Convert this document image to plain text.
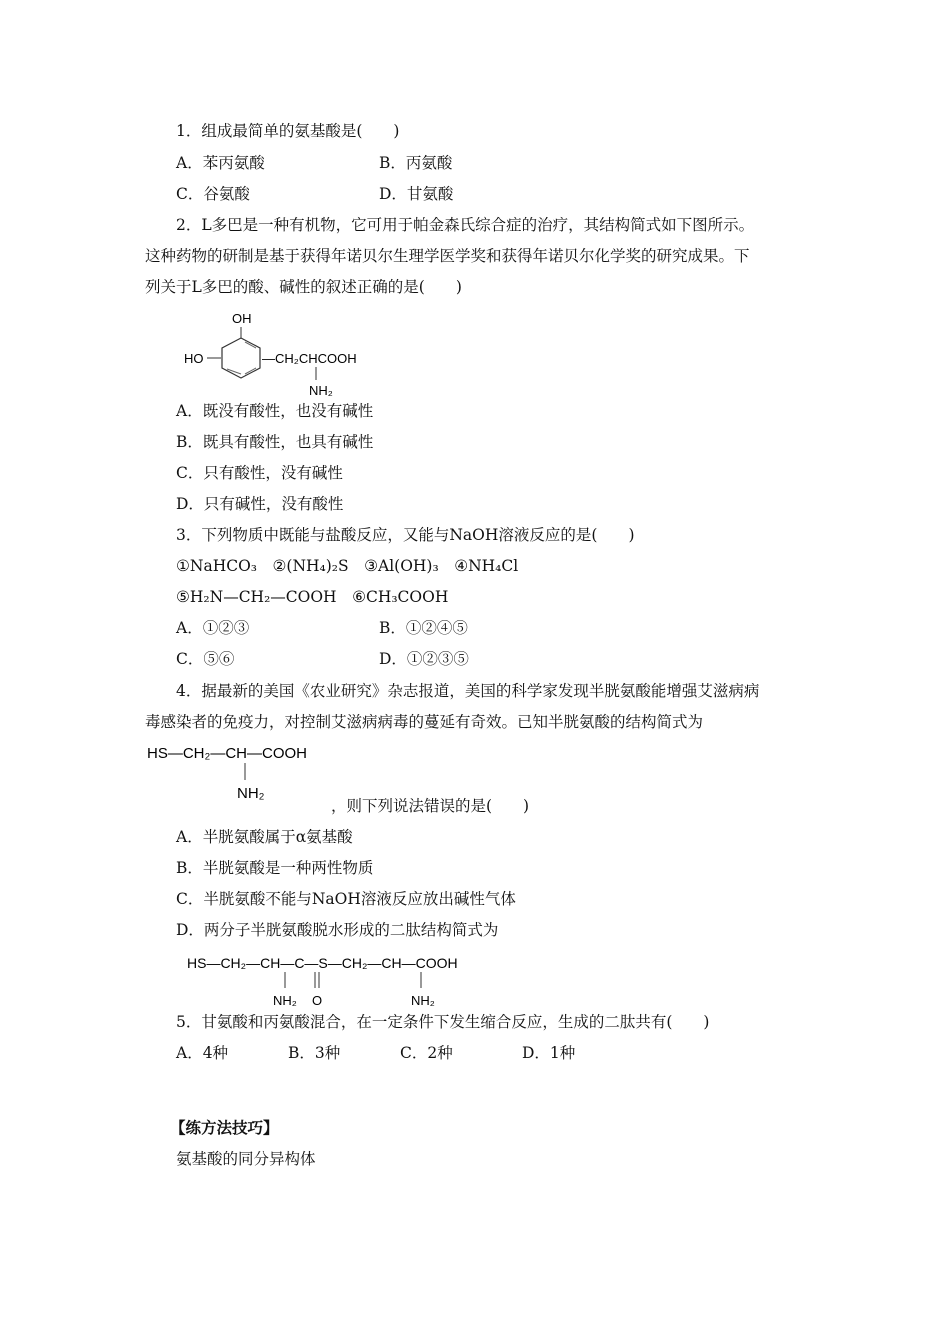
1．组成最简单的氨基酸是(　　)
A．苯丙氨酸	B．丙氨酸
C．谷氨酸	D．甘氨酸
2．L多巴是一种有机物，它可用于帕金森氏综合症的治疗，其结构简式如下图所示。
这种药物的研制是基于获得年诺贝尔生理学医学奖和获得年诺贝尔化学奖的研究成果。下
列关于L多巴的酸、碱性的叙述正确的是(　　)
OH
HO	—CH₂CHCOOH
NH₂
A．既没有酸性，也没有碱性
B．既具有酸性，也具有碱性
C．只有酸性，没有碱性
D．只有碱性，没有酸性
3．下列物质中既能与盐酸反应，又能与NaOH溶液反应的是(　　)
①NaHCO₃　②(NH₄)₂S　③Al(OH)₃　④NH₄Cl
⑤H₂N—CH₂—COOH　⑥CH₃COOH
A．①②③	B．①②④⑤
C．⑤⑥	D．①②③⑤
4．据最新的美国《农业研究》杂志报道，美国的科学家发现半胱氨酸能增强艾滋病病
毒感染者的免疫力，对控制艾滋病病毒的蔓延有奇效。已知半胱氨酸的结构简式为
HS—CH₂—CH—COOH
NH₂
，则下列说法错误的是(　　)
A．半胱氨酸属于α氨基酸
B．半胱氨酸是一种两性物质
C．半胱氨酸不能与NaOH溶液反应放出碱性气体
D．两分子半胱氨酸脱水形成的二肽结构简式为
HS—CH₂—CH—C—S—CH₂—CH—COOH
NH₂ O	NH₂
5．甘氨酸和丙氨酸混合，在一定条件下发生缩合反应，生成的二肽共有(　　)
A．4种	B．3种	C．2种	D．1种
【练方法技巧】
氨基酸的同分异构体
